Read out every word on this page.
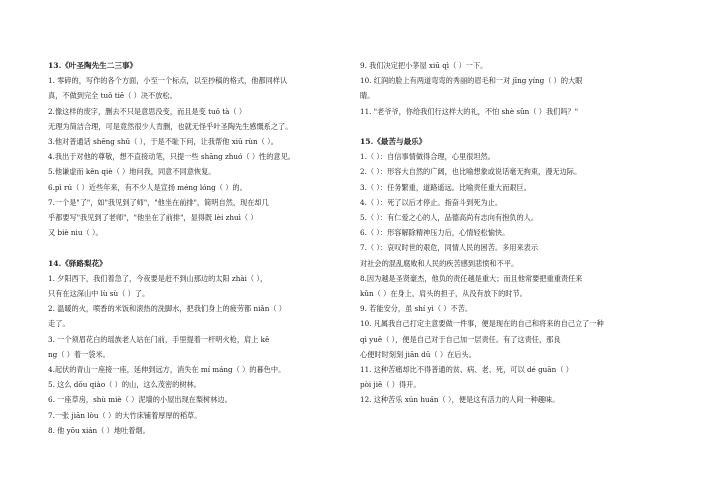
13.《叶圣陶先生二三事》
1. 零碎的，写作的各个方面，小至一个标点，以至抄稿的格式，他都同样认
真，不做到完全 tuǒ tiē（ ）决不放松。
2.像这样的废字，删去不只是意思没变，而且是变 tuǒ tà（ ）
无理为简洁合理，可是竟然很少人肯删，也就无怪乎叶圣陶先生感慨系之了。
3.他对普通话 shēng shū（ ），于是不耻下问，让我帮他 xiū rùn（ ）。
4.我出于对他的尊敬，想不直接动笔，只提一些 shāng zhuó（ ）性的意见。
5.他谦虚而 kěn qiè（ ）地问我，同意不同意恢复。
6.pì rú（ ）近些年来，有不少人是宣扬 méng lóng（ ）的。
7.一个是"了"，如"我见到了师"，"他坐在前排"，简明自然，现在却几
乎都要写"我见到了老师"，"他坐在了前排"，显得既 lèi zhuì（ ）
又 biè niu（ ）。
14.《驿路梨花》
1. 夕阳西下，我们着急了，今夜要是赶不到山那边的太阳 zhài（ ），
只有在这深山中 lù sù（ ）了。
2. 温暖的火，喷香的米饭和滚热的洗脚水，把我们身上的疲劳都 niǎn（ ）
走了。
3. 一个须眉花白的瑶族老人站在门前，手里提着一杆明火枪，肩上 kě
ng（ ）着一袋米。
4.起伏的青山一座接一座，延伸到远方，消失在 mí máng（ ）的暮色中。
5. 这么 dǒu qiào（ ）的山，这么茂密的树林。
6. 一座草房，shù miè（ ）泥墙的小屋出现在梨树林边。
7.一张 jiān lòu（ ）的大竹床铺着厚厚的稻草。
8. 他 yōu xián（ ）地吐着烟。
9. 我们决定把小茅屋 xiū qì（ ）一下。
10. 红润的脸上有两道弯弯的秀丽的眉毛和一对 jīng yíng（ ）的大眼
睛。
11. "老爷爷，你给我们行这样大的礼，不怕 shè sǔn（ ）我们吗？"
15.《最苦与最乐》
1.（ ）：自信事情做得合理，心里很坦然。
2.（ ）：形容大自然的广阔，也比喻想象或说话毫无拘束，漫无边际。
3.（ ）：任务繁重，道路遥远。比喻责任重大而艰巨。
4.（ ）：死了以后才停止。指奋斗到死为止。
5.（ ）：有仁爱之心的人，品德高尚有志向有抱负的人。
6.（ ）：形容解除精神压力后，心情轻松愉快。
7.（ ）：哀叹时世的艰危，同情人民的困苦。多用来表示
对社会的混乱腐败和人民的疾苦感到悲愤和不平。
8.因为越是圣贤豪杰，他负的责任越是重大；而且他常要把重重责任来
kǔn（ ）在身上，肩头的担子，从没有放下的时节。
9. 若能安分，虽 shí yì（ ）不苦。
10. 凡属我自己打定主意要做一件事，便是现在的自己和将来的自己立了一种
qì yuē（ ），便是自己对于自己加一层责任。有了这责任，那良
心便时时刻刻 jiān dū（ ）在后头。
11. 这种苦痛却比不得普通的贫、病、老、死，可以 dé guān（ ）
pòi jiě（ ）得开。
12. 这种苦乐 xún huán（ ），便是这有活力的人间一种趣味。
